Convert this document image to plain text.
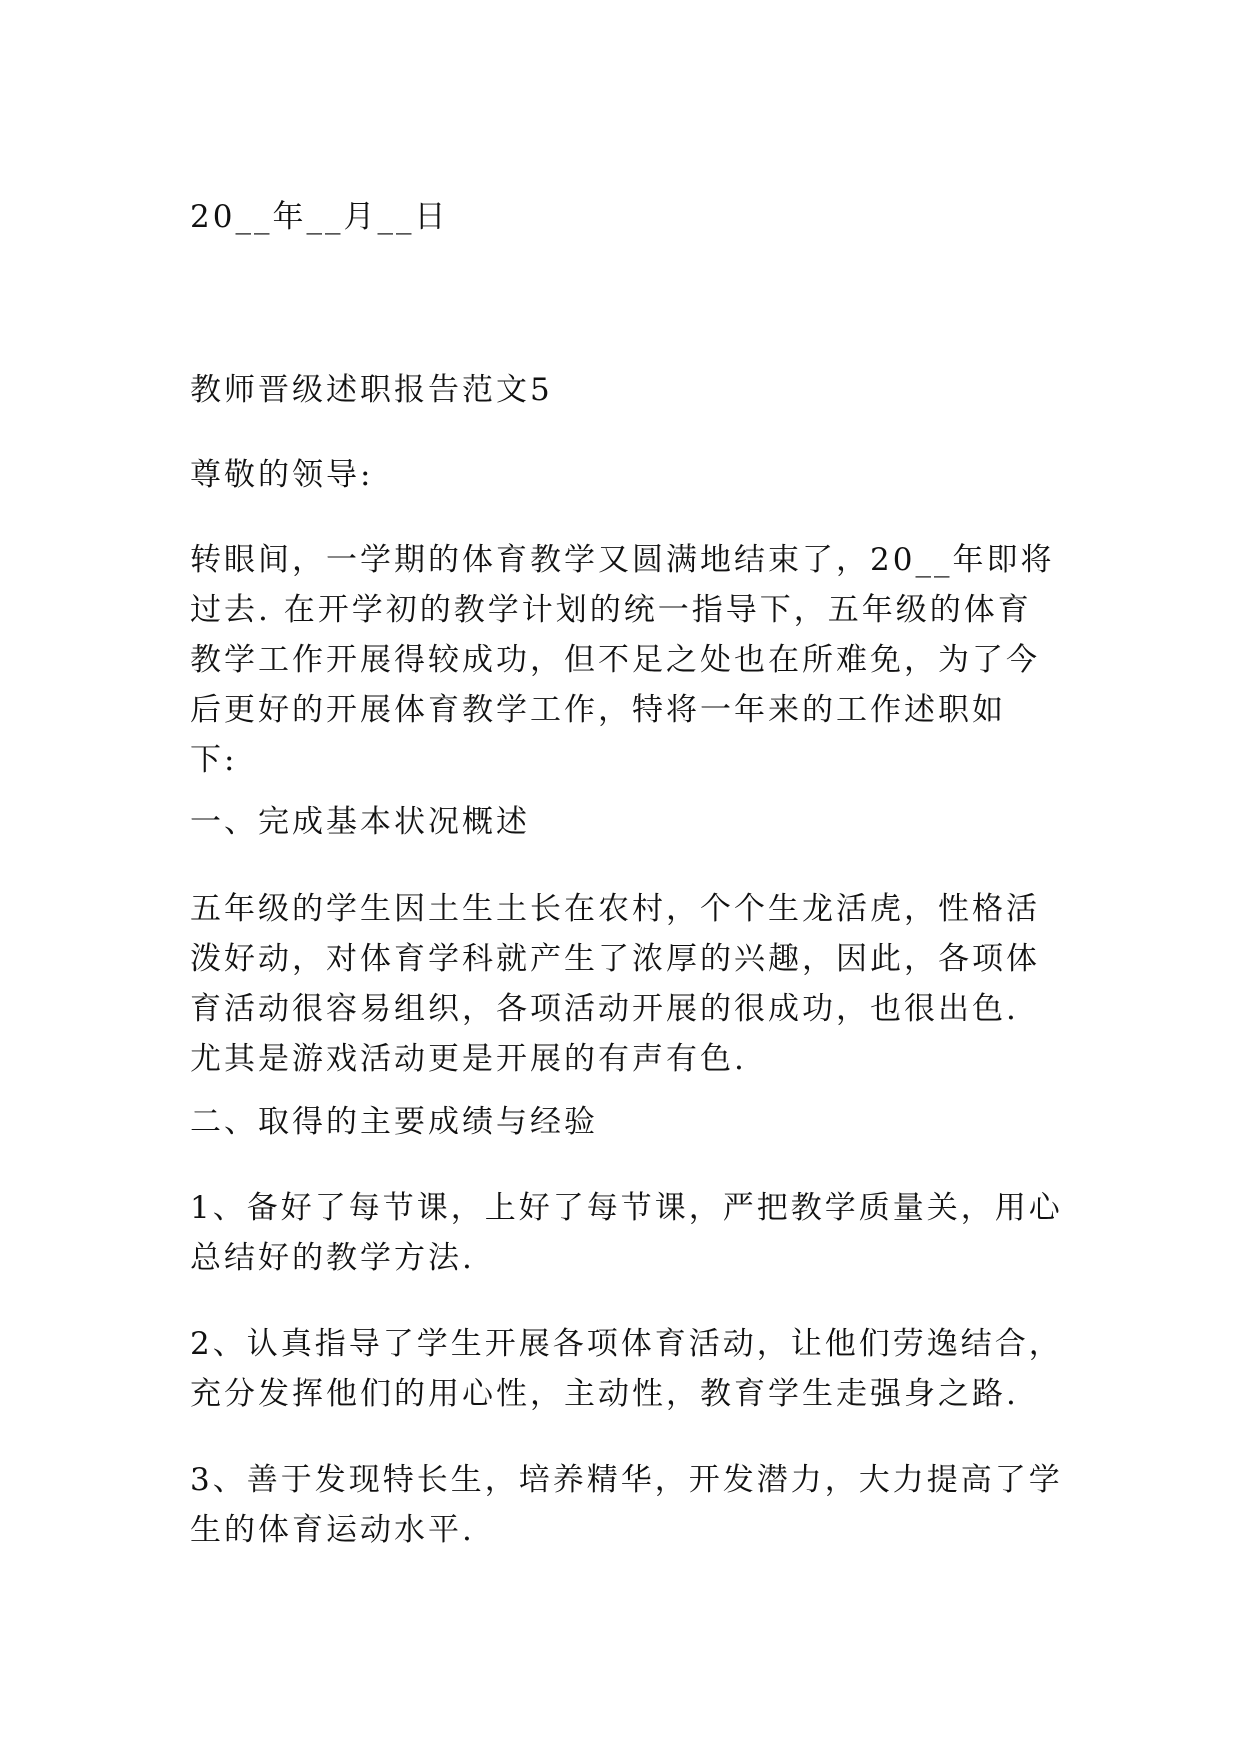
20__年__月__日

教师晋级述职报告范文5

尊敬的领导:

转眼间，一学期的体育教学又圆满地结束了，20__年即将
过去. 在开学初的教学计划的统一指导下，五年级的体育
教学工作开展得较成功，但不足之处也在所难免，为了今
后更好的开展体育教学工作，特将一年来的工作述职如
下:

一、完成基本状况概述

五年级的学生因土生土长在农村，个个生龙活虎，性格活
泼好动，对体育学科就产生了浓厚的兴趣，因此，各项体
育活动很容易组织，各项活动开展的很成功，也很出色.
尤其是游戏活动更是开展的有声有色.

二、取得的主要成绩与经验

1、备好了每节课，上好了每节课，严把教学质量关，用心
总结好的教学方法.

2、认真指导了学生开展各项体育活动，让他们劳逸结合，
充分发挥他们的用心性，主动性，教育学生走强身之路.

3、善于发现特长生，培养精华，开发潜力，大力提高了学
生的体育运动水平.
